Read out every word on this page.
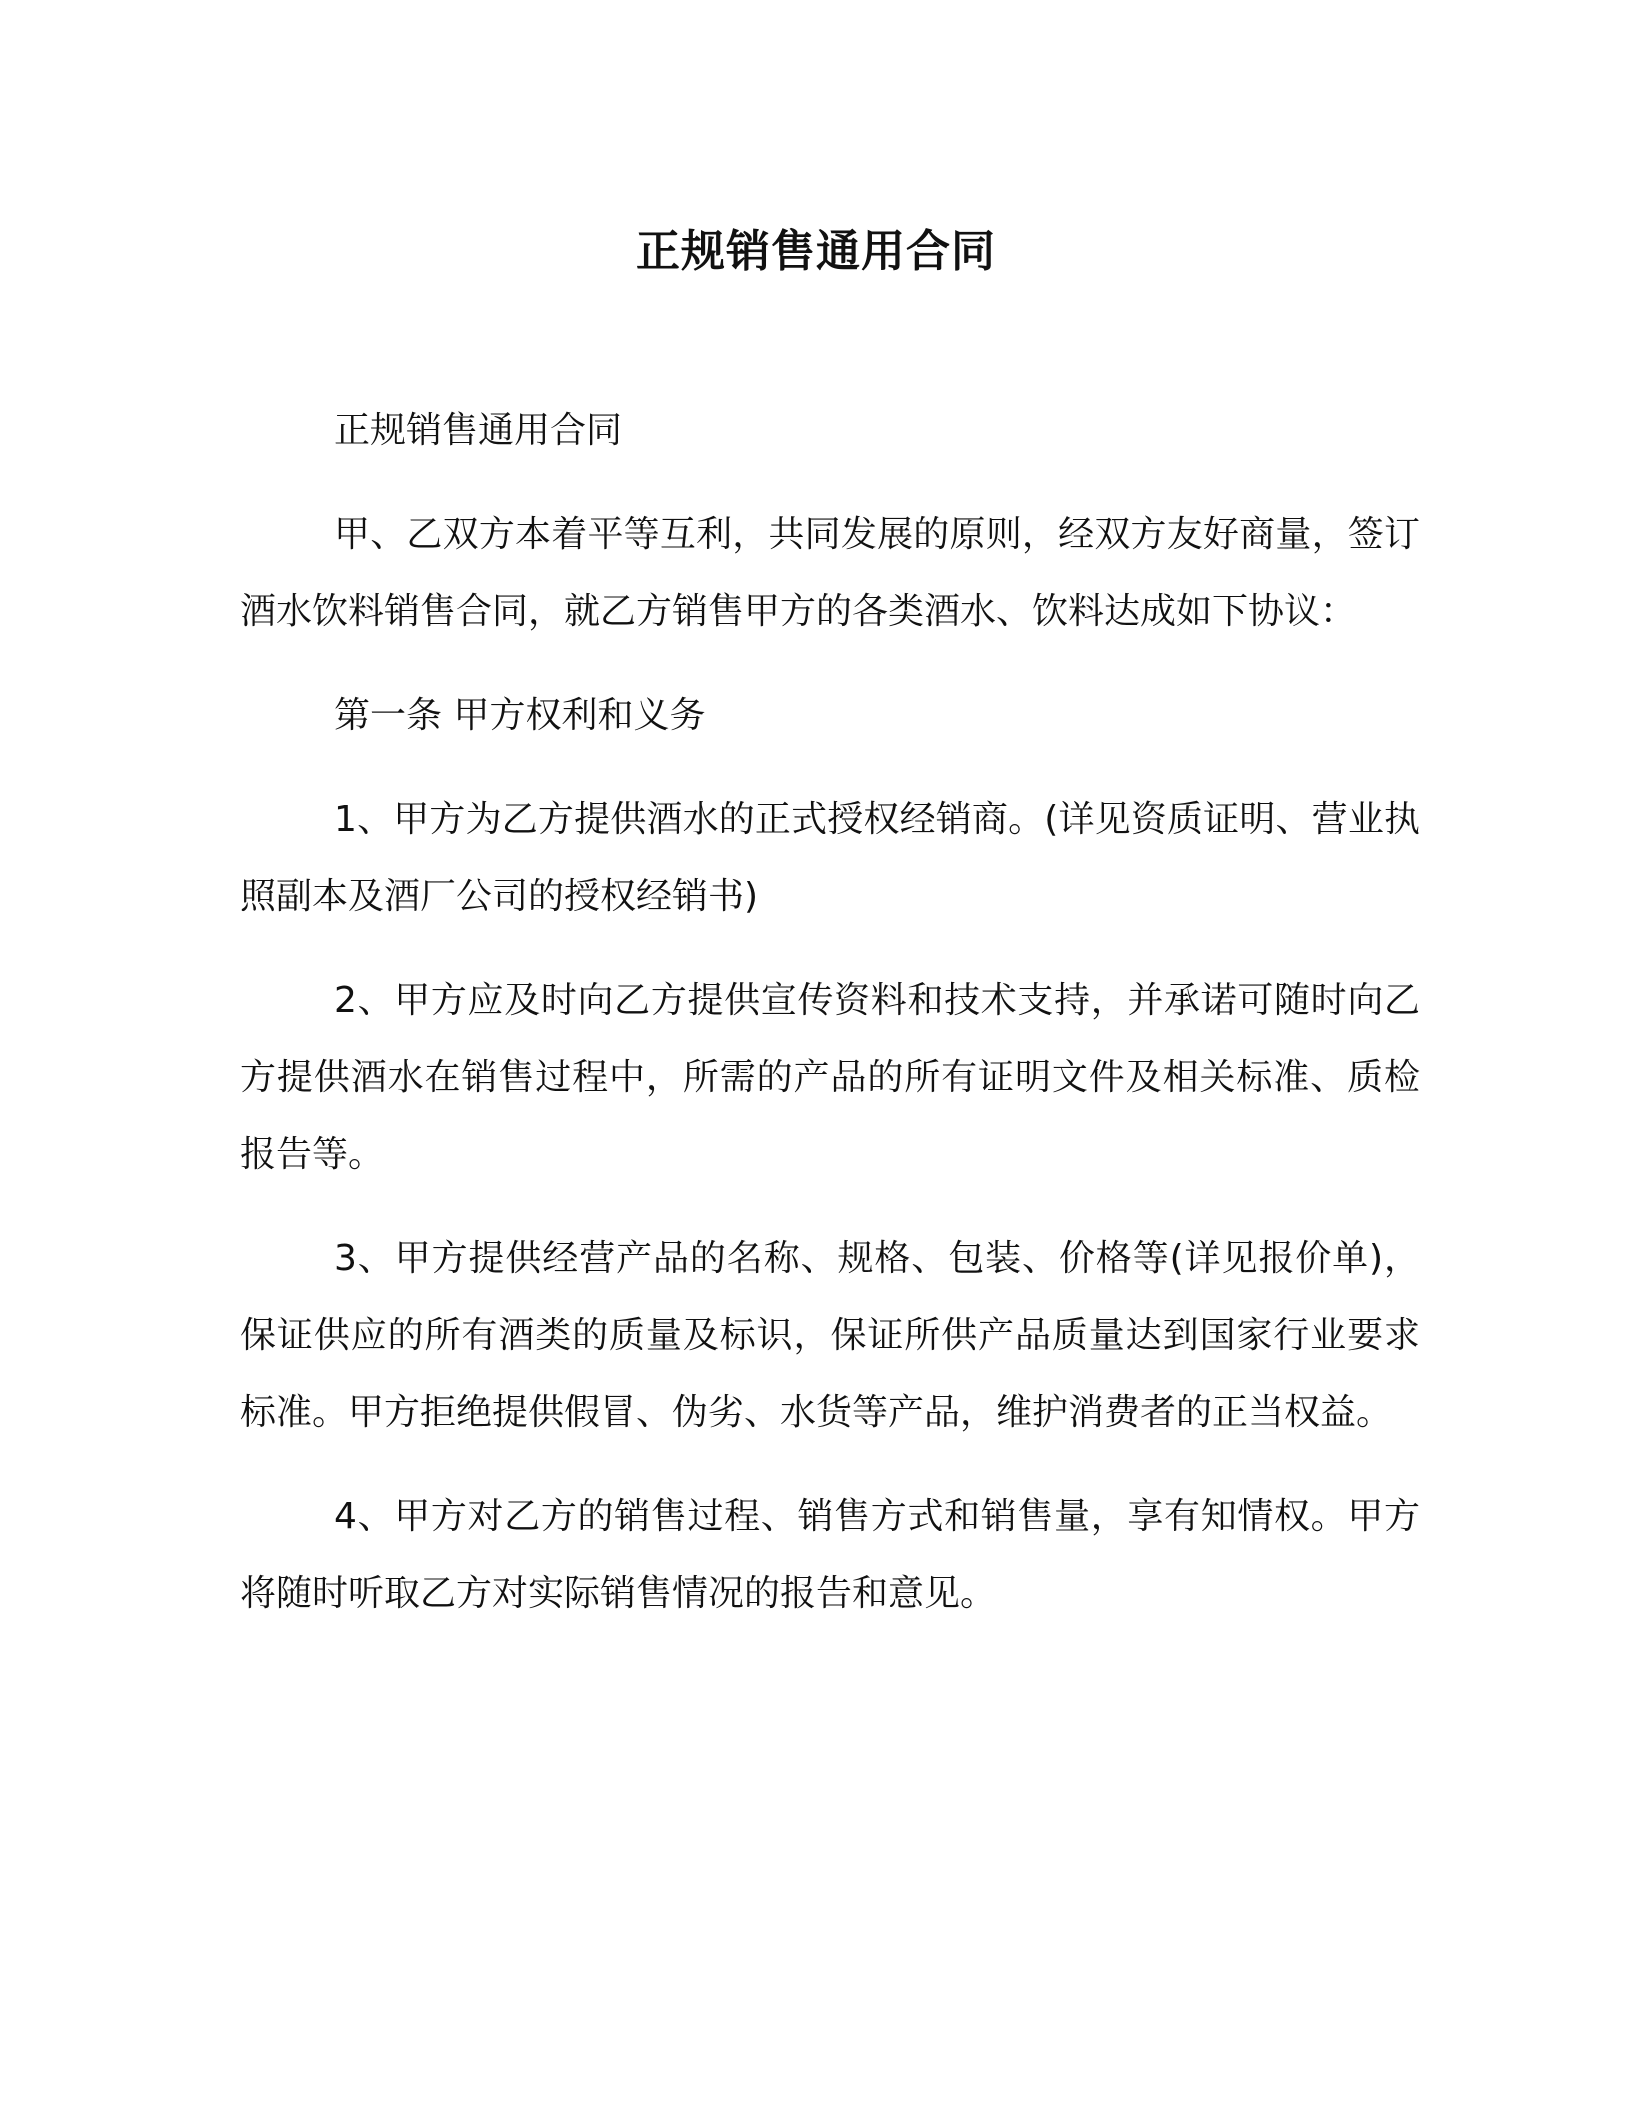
正规销售通用合同

正规销售通用合同

甲、乙双方本着平等互利，共同发展的原则，经双方友好商量，签订酒水饮料销售合同，就乙方销售甲方的各类酒水、饮料达成如下协议：

第一条 甲方权利和义务

1、甲方为乙方提供酒水的正式授权经销商。(详见资质证明、营业执照副本及酒厂公司的授权经销书)

2、甲方应及时向乙方提供宣传资料和技术支持，并承诺可随时向乙方提供酒水在销售过程中，所需的产品的所有证明文件及相关标准、质检报告等。

3、甲方提供经营产品的名称、规格、包装、价格等(详见报价单)，保证供应的所有酒类的质量及标识，保证所供产品质量达到国家行业要求标准。甲方拒绝提供假冒、伪劣、水货等产品，维护消费者的正当权益。

4、甲方对乙方的销售过程、销售方式和销售量，享有知情权。甲方将随时听取乙方对实际销售情况的报告和意见。
